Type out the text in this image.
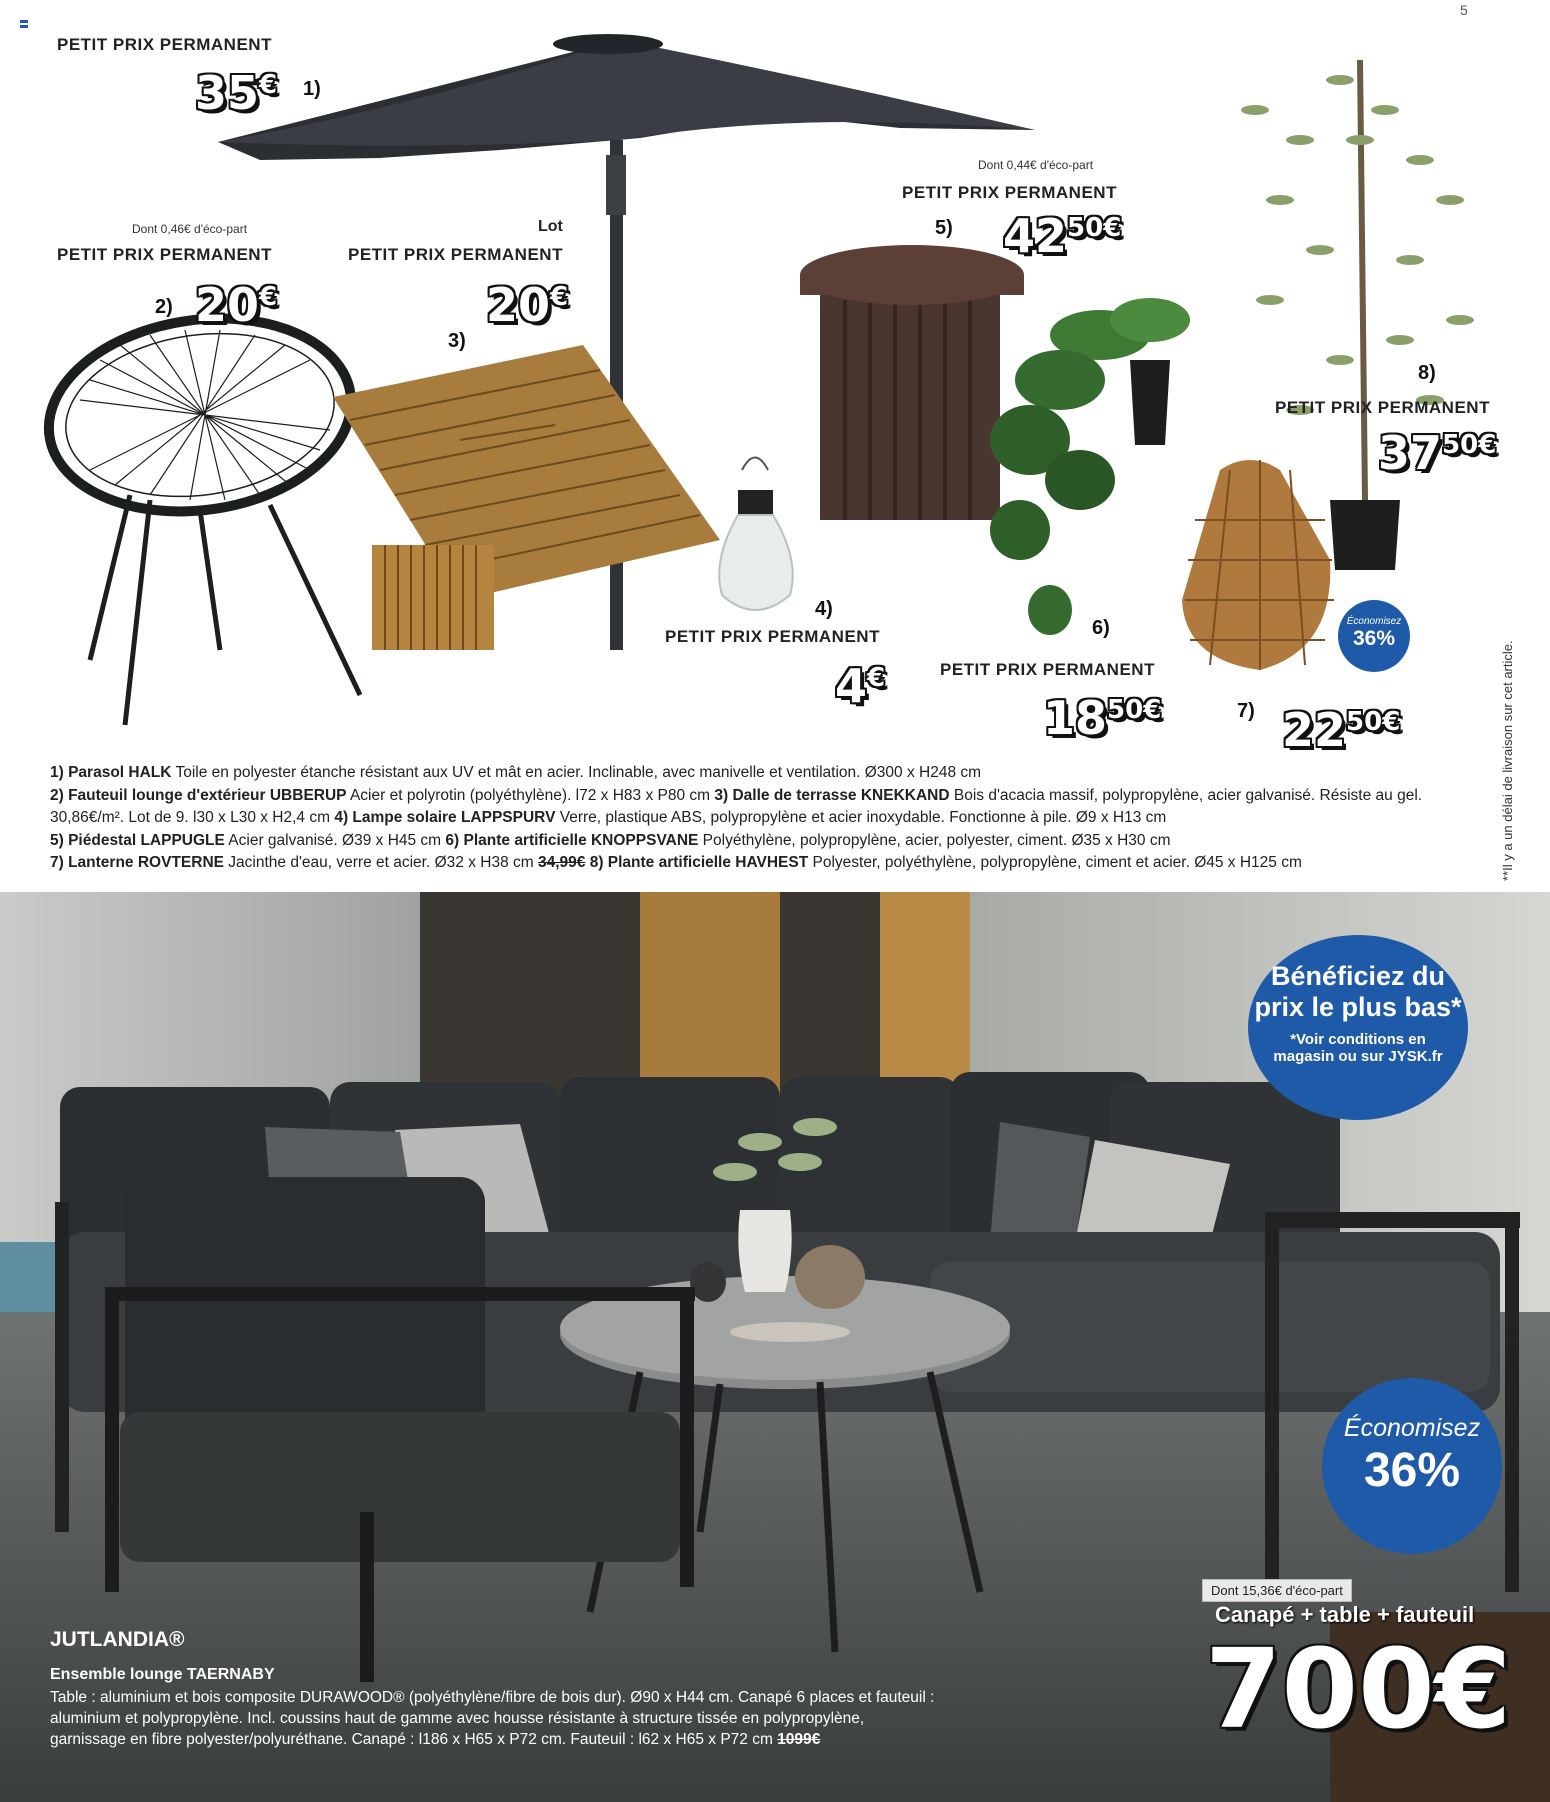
5
PETIT PRIX PERMANENT
35€ 1)
Dont 0,46€ d'éco-part
PETIT PRIX PERMANENT
2) 20€
Lot
PETIT PRIX PERMANENT
20€
3)
4)
PETIT PRIX PERMANENT
4€
Dont 0,44€ d'éco-part
PETIT PRIX PERMANENT
5) 4250€
6)
PETIT PRIX PERMANENT
1850€	7) 2250€
Économisez
36%
8)
PETIT PRIX PERMANENT
3750€
**Il y a un délai de livraison sur cet article.
1) Parasol HALK Toile en polyester étanche résistant aux UV et mât en acier. Inclinable, avec manivelle et ventilation. Ø300 x H248 cm
2) Fauteuil lounge d'extérieur UBBERUP Acier et polyrotin (polyéthylène). l72 x H83 x P80 cm 3) Dalle de terrasse KNEKKAND Bois d'acacia massif, polypropylène, acier galvanisé. Résiste au gel. 30,86€/m². Lot de 9. l30 x L30 x H2,4 cm 4) Lampe solaire LAPPSPURV Verre, plastique ABS, polypropylène et acier inoxydable. Fonctionne à pile. Ø9 x H13 cm
5) Piédestal LAPPUGLE Acier galvanisé. Ø39 x H45 cm 6) Plante artificielle KNOPPSVANE Polyéthylène, polypropylène, acier, polyester, ciment. Ø35 x H30 cm
7) Lanterne ROVTERNE Jacinthe d'eau, verre et acier. Ø32 x H38 cm 34,99€ 8) Plante artificielle HAVHEST Polyester, polyéthylène, polypropylène, ciment et acier. Ø45 x H125 cm
Bénéficiez du
prix le plus bas*
*Voir conditions en
magasin ou sur JYSK.fr
Économisez
36%
Dont 15,36€ d'éco-part
Canapé + table + fauteuil
700€
JUTLANDIA®
Ensemble lounge TAERNABY
Table : aluminium et bois composite DURAWOOD® (polyéthylène/fibre de bois dur). Ø90 x H44 cm. Canapé 6 places et fauteuil :
aluminium et polypropylène. Incl. coussins haut de gamme avec housse résistante à structure tissée en polypropylène,
garnissage en fibre polyester/polyuréthane. Canapé : l186 x H65 x P72 cm. Fauteuil : l62 x H65 x P72 cm 1099€
